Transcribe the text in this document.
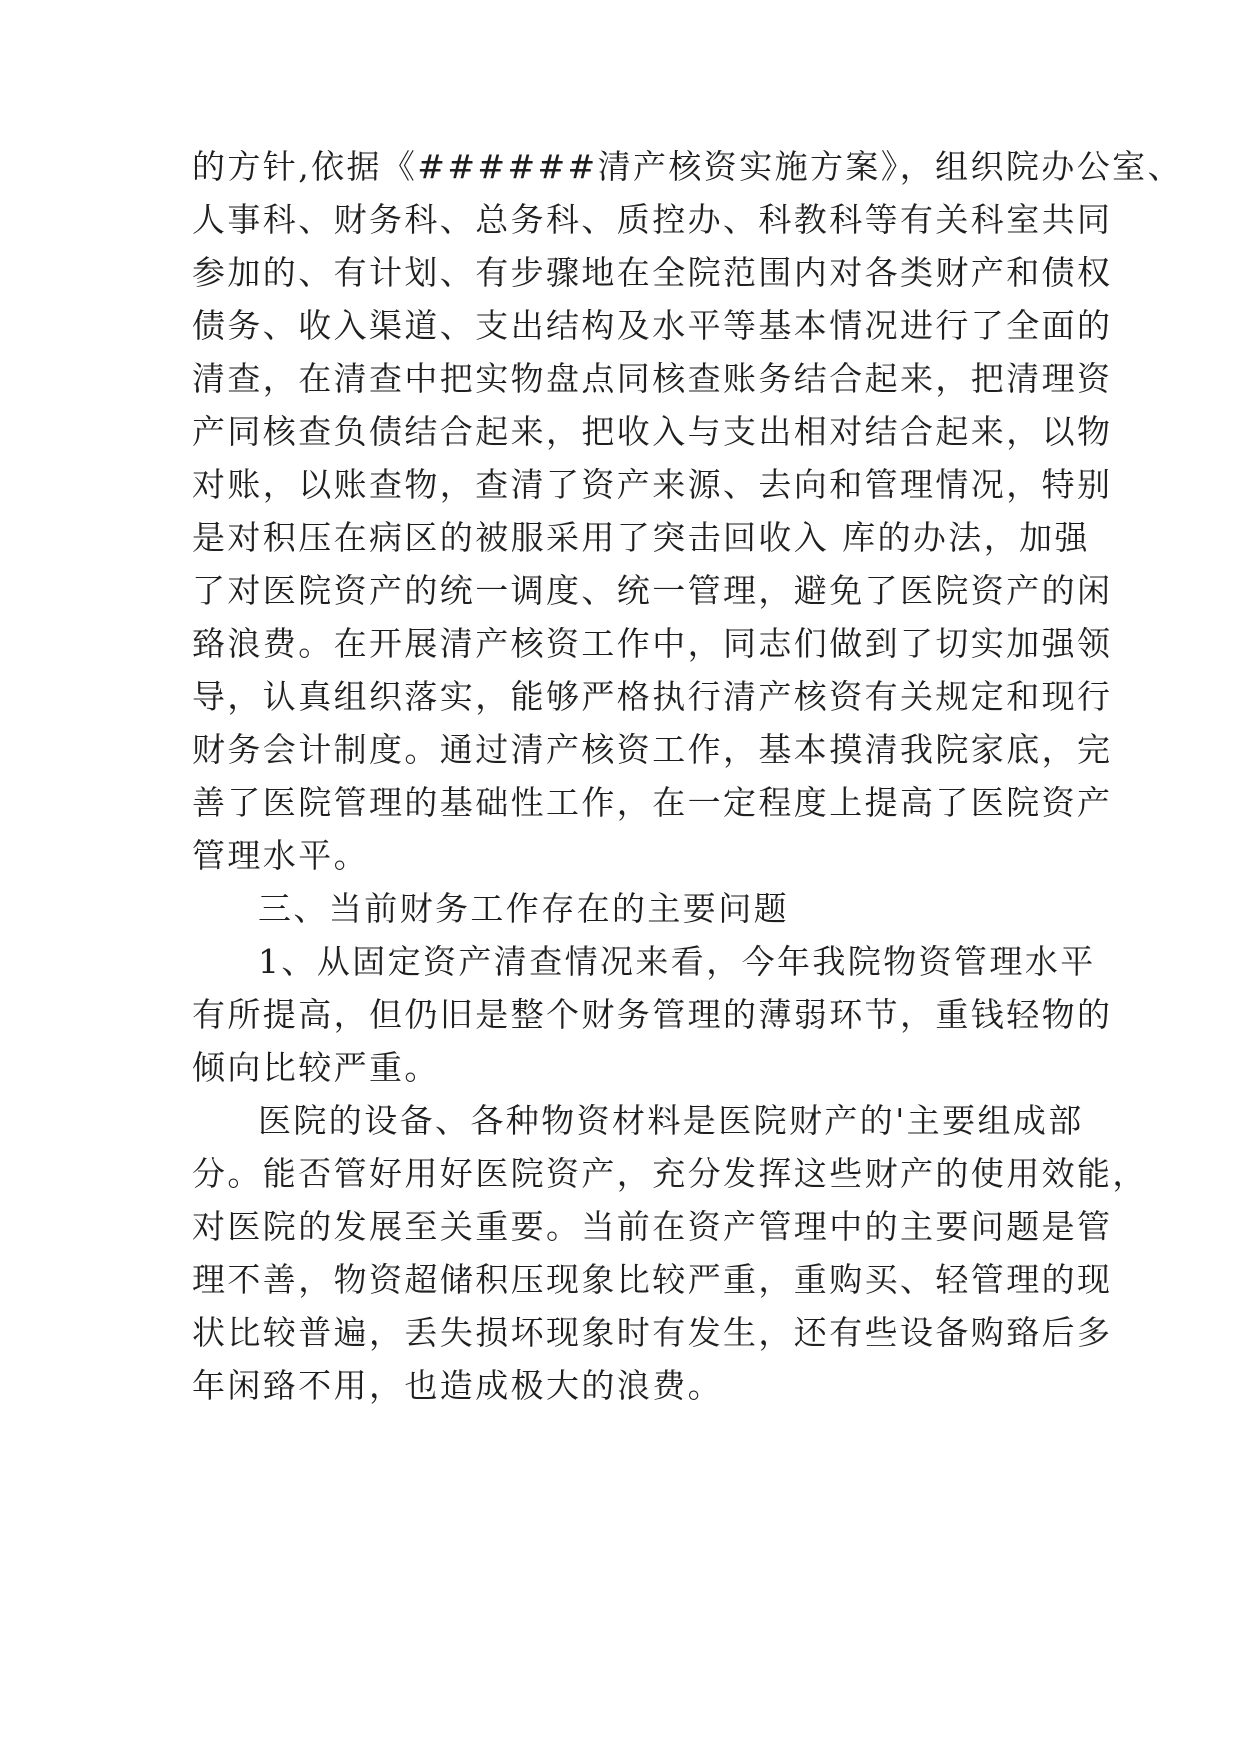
的方针,依据《######清产核资实施方案》，组织院办公室、
人事科、财务科、总务科、质控办、科教科等有关科室共同
参加的、有计划、有步骤地在全院范围内对各类财产和债权
债务、收入渠道、支出结构及水平等基本情况进行了全面的
清查，在清查中把实物盘点同核查账务结合起来，把清理资
产同核查负债结合起来，把收入与支出相对结合起来，以物
对账，以账查物，查清了资产来源、去向和管理情况，特别
是对积压在病区的被服采用了突击回收入 库的办法，加强
了对医院资产的统一调度、统一管理，避免了医院资产的闲
臵浪费。在开展清产核资工作中，同志们做到了切实加强领
导，认真组织落实，能够严格执行清产核资有关规定和现行
财务会计制度。通过清产核资工作，基本摸清我院家底，完
善了医院管理的基础性工作，在一定程度上提高了医院资产
管理水平。
三、当前财务工作存在的主要问题
1、从固定资产清查情况来看，今年我院物资管理水平
有所提高，但仍旧是整个财务管理的薄弱环节，重钱轻物的
倾向比较严重。
医院的设备、各种物资材料是医院财产的'主要组成部
分。能否管好用好医院资产，充分发挥这些财产的使用效能，
对医院的发展至关重要。当前在资产管理中的主要问题是管
理不善，物资超储积压现象比较严重，重购买、轻管理的现
状比较普遍，丢失损坏现象时有发生，还有些设备购臵后多
年闲臵不用，也造成极大的浪费。
